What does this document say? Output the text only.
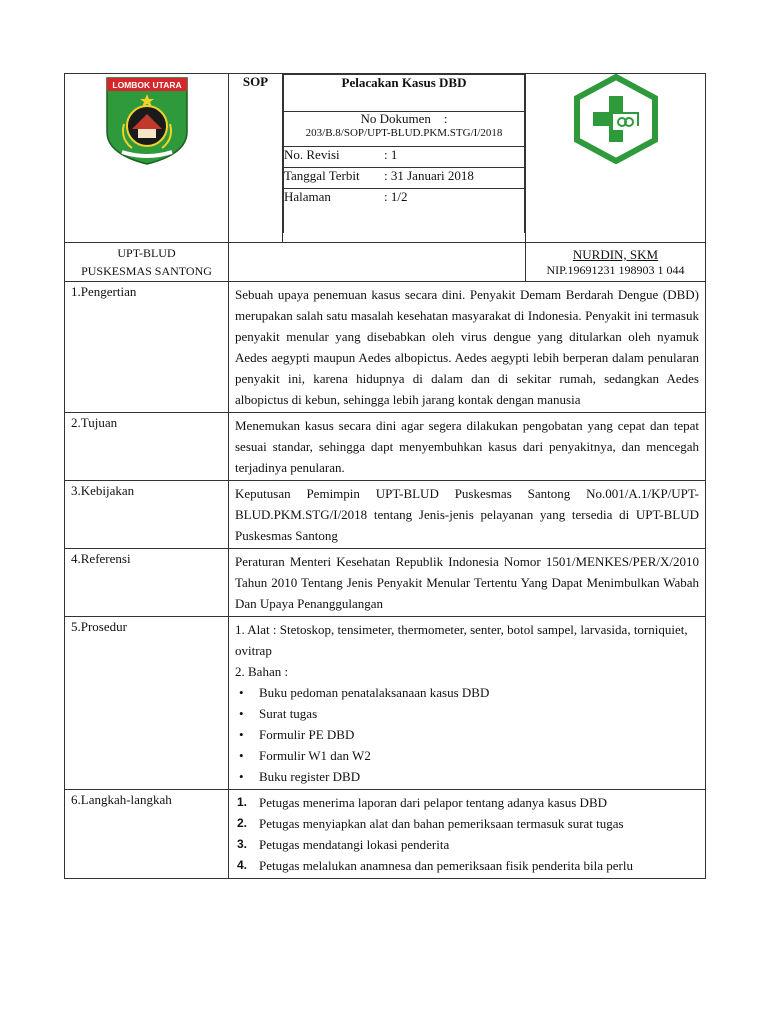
LOMBOK UTARA	SOP		Pelacakan Kasus DBD
No Dokumen :
203/B.8/SOP/UPT-BLUD.PKM.STG/I/2018

No. Revisi	: 1

Tanggal Terbit	: 31 Januari 2018

Halaman	: 1/2

UPT-BLUD
PUSKESMAS SANTONG

NURDIN, SKM
NIP.19691231 198903 1 044

1.Pengertian	Sebuah upaya penemuan kasus secara dini. Penyakit Demam Berdarah Dengue (DBD) merupakan salah satu masalah kesehatan masyarakat di Indonesia. Penyakit ini termasuk penyakit menular yang disebabkan oleh virus dengue yang ditularkan oleh nyamuk Aedes aegypti maupun Aedes albopictus. Aedes aegypti lebih berperan dalam penularan penyakit ini, karena hidupnya di dalam dan di sekitar rumah, sedangkan Aedes albopictus di kebun, sehingga lebih jarang kontak dengan manusia
2.Tujuan	Menemukan kasus secara dini agar segera dilakukan pengobatan yang cepat dan tepat sesuai standar, sehingga dapt menyembuhkan kasus dari penyakitnya, dan mencegah terjadinya penularan.
3.Kebijakan	Keputusan Pemimpin UPT-BLUD Puskesmas Santong No.001/A.1/KP/UPT-BLUD.PKM.STG/I/2018 tentang Jenis-jenis pelayanan yang tersedia di UPT-BLUD Puskesmas Santong
4.Referensi	Peraturan Menteri Kesehatan Republik Indonesia Nomor 1501/MENKES/PER/X/2010 Tahun 2010 Tentang Jenis Penyakit Menular Tertentu Yang Dapat Menimbulkan Wabah Dan Upaya Penanggulangan
5.Prosedur	1. Alat : Stetoskop, tensimeter, thermometer, senter, botol sampel, larvasida, torniquiet, ovitrap
2. Bahan :
• Buku pedoman penatalaksanaan kasus DBD
• Surat tugas
• Formulir PE DBD
• Formulir W1 dan W2
• Buku register DBD

6.Langkah-langkah	1. Petugas menerima laporan dari pelapor tentang adanya kasus DBD
2. Petugas menyiapkan alat dan bahan pemeriksaan termasuk surat tugas
3. Petugas mendatangi lokasi penderita
4. Petugas melalukan anamnesa dan pemeriksaan fisik penderita bila perlu
